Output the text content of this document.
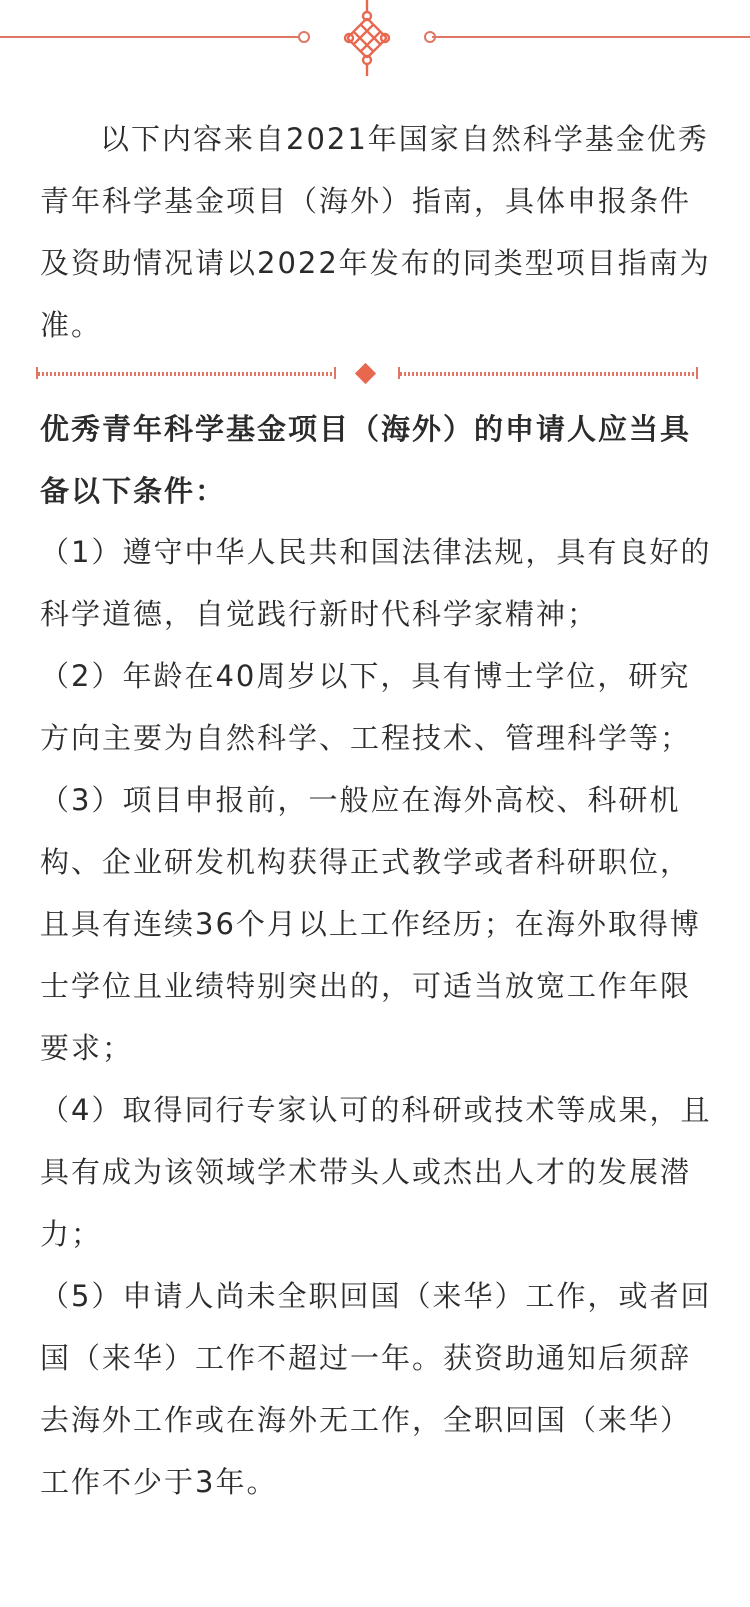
以下内容来自2021年国家自然科学基金优秀青年科学基金项目（海外）指南，具体申报条件及资助情况请以2022年发布的同类型项目指南为准。

优秀青年科学基金项目（海外）的申请人应当具备以下条件：

（1）遵守中华人民共和国法律法规，具有良好的科学道德，自觉践行新时代科学家精神；
（2）年龄在40周岁以下，具有博士学位，研究方向主要为自然科学、工程技术、管理科学等；
（3）项目申报前，一般应在海外高校、科研机构、企业研发机构获得正式教学或者科研职位，且具有连续36个月以上工作经历；在海外取得博士学位且业绩特别突出的，可适当放宽工作年限要求；
（4）取得同行专家认可的科研或技术等成果，且具有成为该领域学术带头人或杰出人才的发展潜力；
（5）申请人尚未全职回国（来华）工作，或者回国（来华）工作不超过一年。获资助通知后须辞去海外工作或在海外无工作，全职回国（来华）工作不少于3年。
